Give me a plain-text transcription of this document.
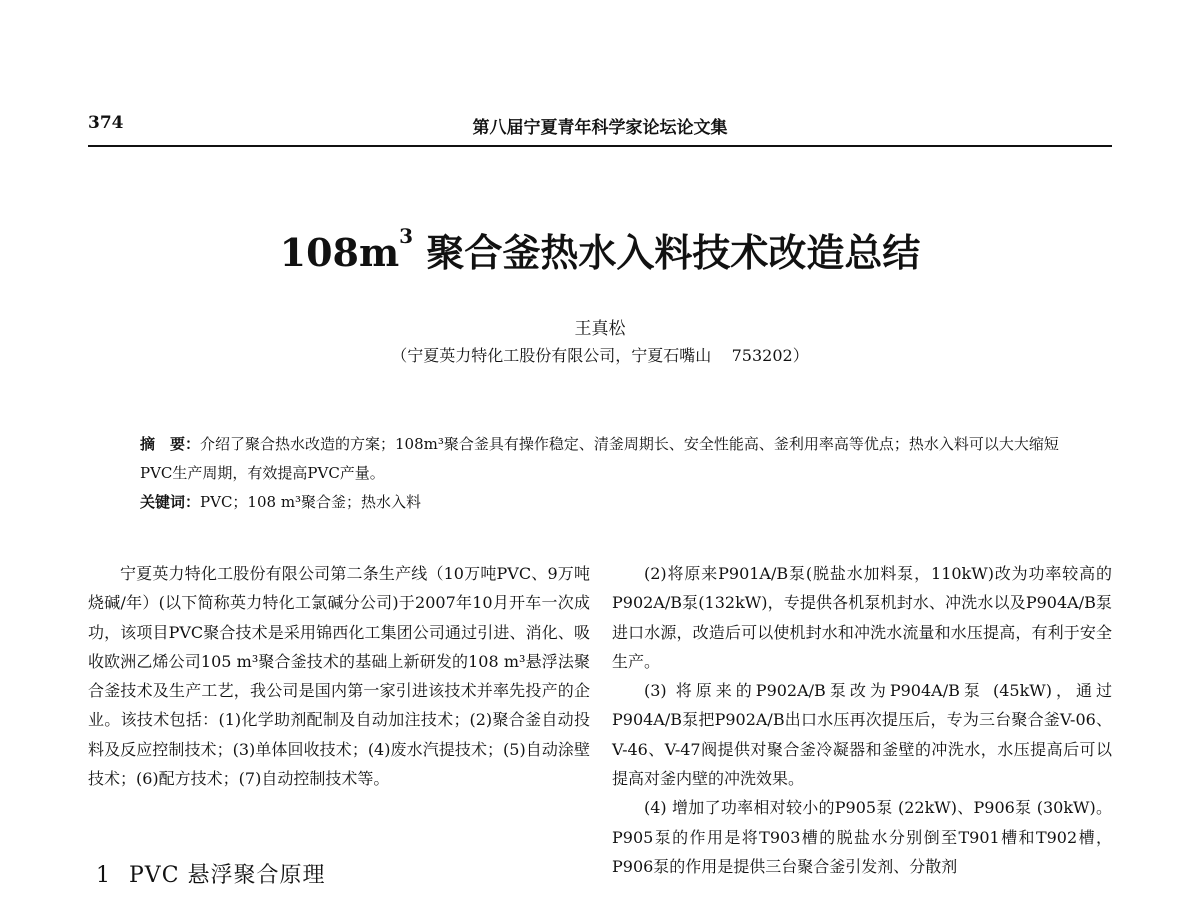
374	第八届宁夏青年科学家论坛论文集
$108m^3$ 聚合釜热水入料技术改造总结
王真松
（宁夏英力特化工股份有限公司，宁夏石嘴山    753202）
摘　要：介绍了聚合热水改造的方案；108m³聚合釜具有操作稳定、清釜周期长、安全性能高、釜利用率高等优点；热水入料可以大大缩短PVC生产周期，有效提高PVC产量。
关键词：PVC；108 m³聚合釜；热水入料

宁夏英力特化工股份有限公司第二条生产线（10万吨PVC、9万吨烧碱/年）(以下简称英力特化工氯碱分公司)于2007年10月开车一次成功，该项目PVC聚合技术是采用锦西化工集团公司通过引进、消化、吸收欧洲乙烯公司105 m³聚合釜技术的基础上新研发的108 m³悬浮法聚合釜技术及生产工艺，我公司是国内第一家引进该技术并率先投产的企业。该技术包括：(1)化学助剂配制及自动加注技术；(2)聚合釜自动投料及反应控制技术；(3)单体回收技术；(4)废水汽提技术；(5)自动涂壁技术；(6)配方技术；(7)自动控制技术等。

1 PVC 悬浮聚合原理

(2)将原来P901A/B泵(脱盐水加料泵，110kW)改为功率较高的P902A/B泵(132kW)，专提供各机泵机封水、冲洗水以及P904A/B泵进口水源，改造后可以使机封水和冲洗水流量和水压提高，有利于安全生产。

(3) 将原来的P902A/B泵改为P904A/B泵 (45kW)，通过P904A/B泵把P902A/B出口水压再次提压后，专为三台聚合釜V-06、V-46、V-47阀提供对聚合釜冷凝器和釜壁的冲洗水，水压提高后可以提高对釜内壁的冲洗效果。

(4) 增加了功率相对较小的P905泵 (22kW)、P906泵 (30kW)。P905泵的作用是将T903槽的脱盐水分别倒至T901槽和T902槽，P906泵的作用是提供三台聚合釜引发剂、分散剂
